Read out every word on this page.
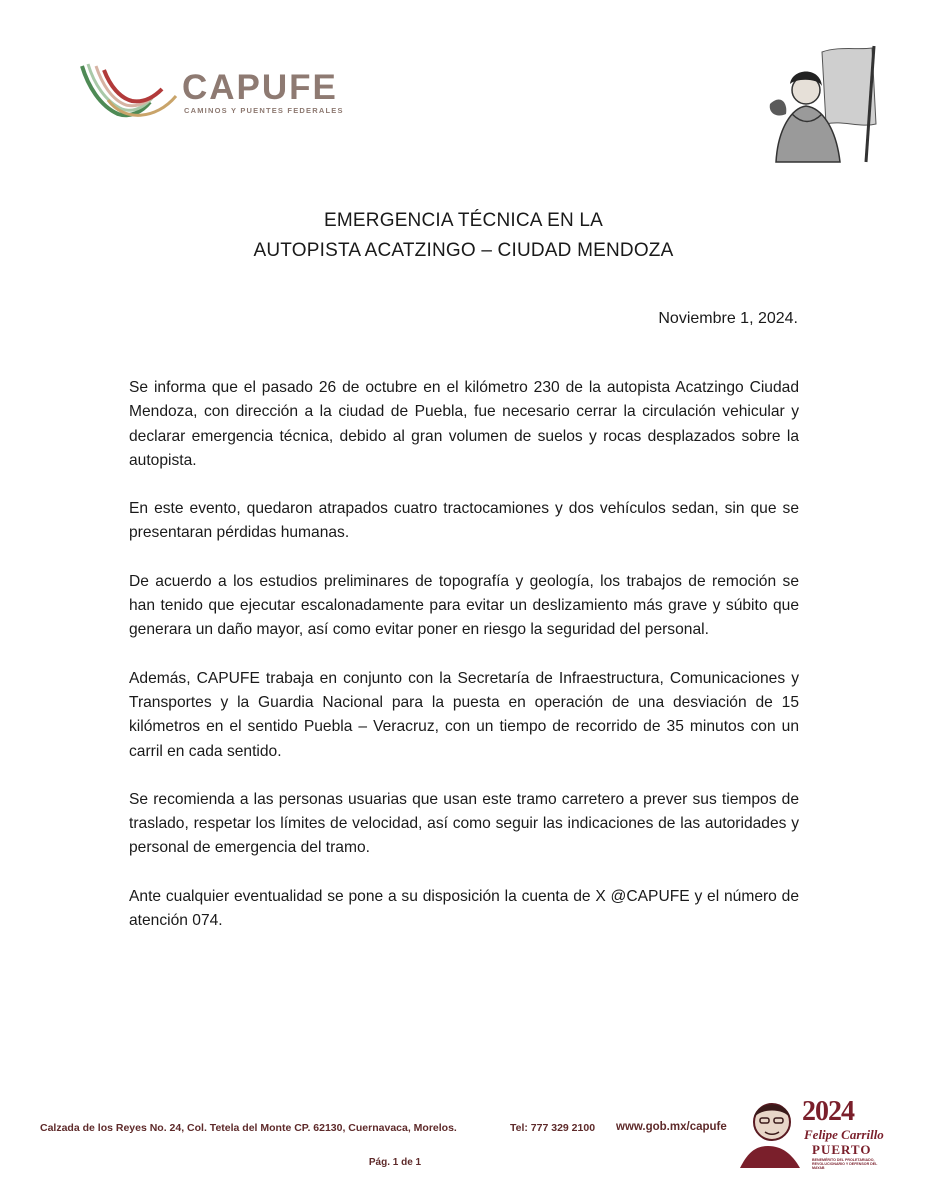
CAPUFE
CAMINOS Y PUENTES FEDERALES
EMERGENCIA TÉCNICA EN LA
AUTOPISTA ACATZINGO – CIUDAD MENDOZA
Noviembre 1, 2024.

Se informa que el pasado 26 de octubre en el kilómetro 230 de la autopista Acatzingo Ciudad Mendoza, con dirección a la ciudad de Puebla, fue necesario cerrar la circulación vehicular y declarar emergencia técnica, debido al gran volumen de suelos y rocas desplazados sobre la autopista.

En este evento, quedaron atrapados cuatro tractocamiones y dos vehículos sedan, sin que se presentaran pérdidas humanas.

De acuerdo a los estudios preliminares de topografía y geología, los trabajos de remoción se han tenido que ejecutar escalonadamente para evitar un deslizamiento más grave y súbito que generara un daño mayor, así como evitar poner en riesgo la seguridad del personal.

Además, CAPUFE trabaja en conjunto con la Secretaría de Infraestructura, Comunicaciones y Transportes y la Guardia Nacional para la puesta en operación de una desviación de 15 kilómetros en el sentido Puebla – Veracruz, con un tiempo de recorrido de 35 minutos con un carril en cada sentido.

Se recomienda a las personas usuarias que usan este tramo carretero a prever sus tiempos de traslado, respetar los límites de velocidad, así como seguir las indicaciones de las autoridades y personal de emergencia del tramo.

Ante cualquier eventualidad se pone a su disposición la cuenta de X @CAPUFE y el número de atención 074.

Calzada de los Reyes No. 24, Col. Tetela del Monte CP. 62130, Cuernavaca, Morelos.	Tel: 777 329 2100 www.gob.mx/capufe
Pág. 1 de 1
2024
Felipe Carrillo
PUERTO
BENEMÉRITO DEL PROLETARIADO, REVOLUCIONARIO Y DEFENSOR DEL MAYAB
